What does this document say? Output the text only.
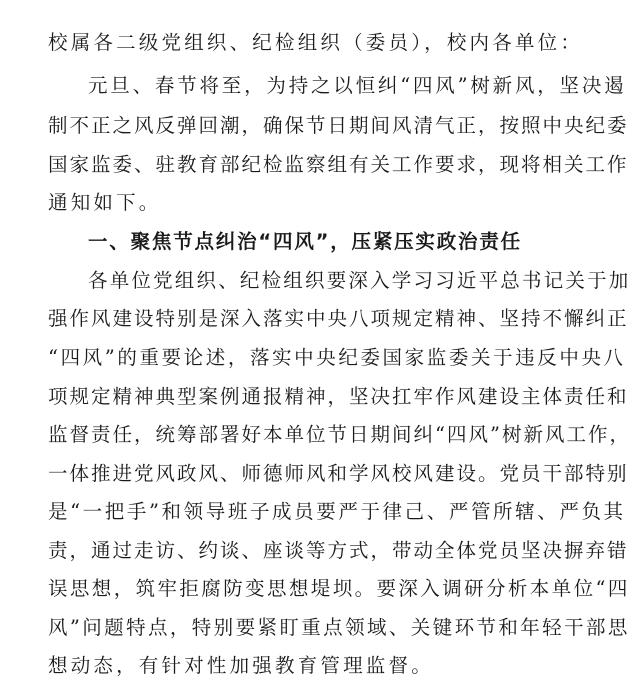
校属各二级党组织、纪检组织（委员），校内各单位：
元旦、春节将至，为持之以恒纠“四风”树新风，坚决遏
制不正之风反弹回潮，确保节日期间风清气正，按照中央纪委
国家监委、驻教育部纪检监察组有关工作要求，现将相关工作
通知如下。
一、聚焦节点纠治“四风”，压紧压实政治责任
各单位党组织、纪检组织要深入学习习近平总书记关于加
强作风建设特别是深入落实中央八项规定精神、坚持不懈纠正
“四风”的重要论述，落实中央纪委国家监委关于违反中央八
项规定精神典型案例通报精神，坚决扛牢作风建设主体责任和
监督责任，统筹部署好本单位节日期间纠“四风”树新风工作，
一体推进党风政风、师德师风和学风校风建设。党员干部特别
是“一把手”和领导班子成员要严于律己、严管所辖、严负其
责，通过走访、约谈、座谈等方式，带动全体党员坚决摒弃错
误思想，筑牢拒腐防变思想堤坝。要深入调研分析本单位“四
风”问题特点，特别要紧盯重点领域、关键环节和年轻干部思
想动态，有针对性加强教育管理监督。
